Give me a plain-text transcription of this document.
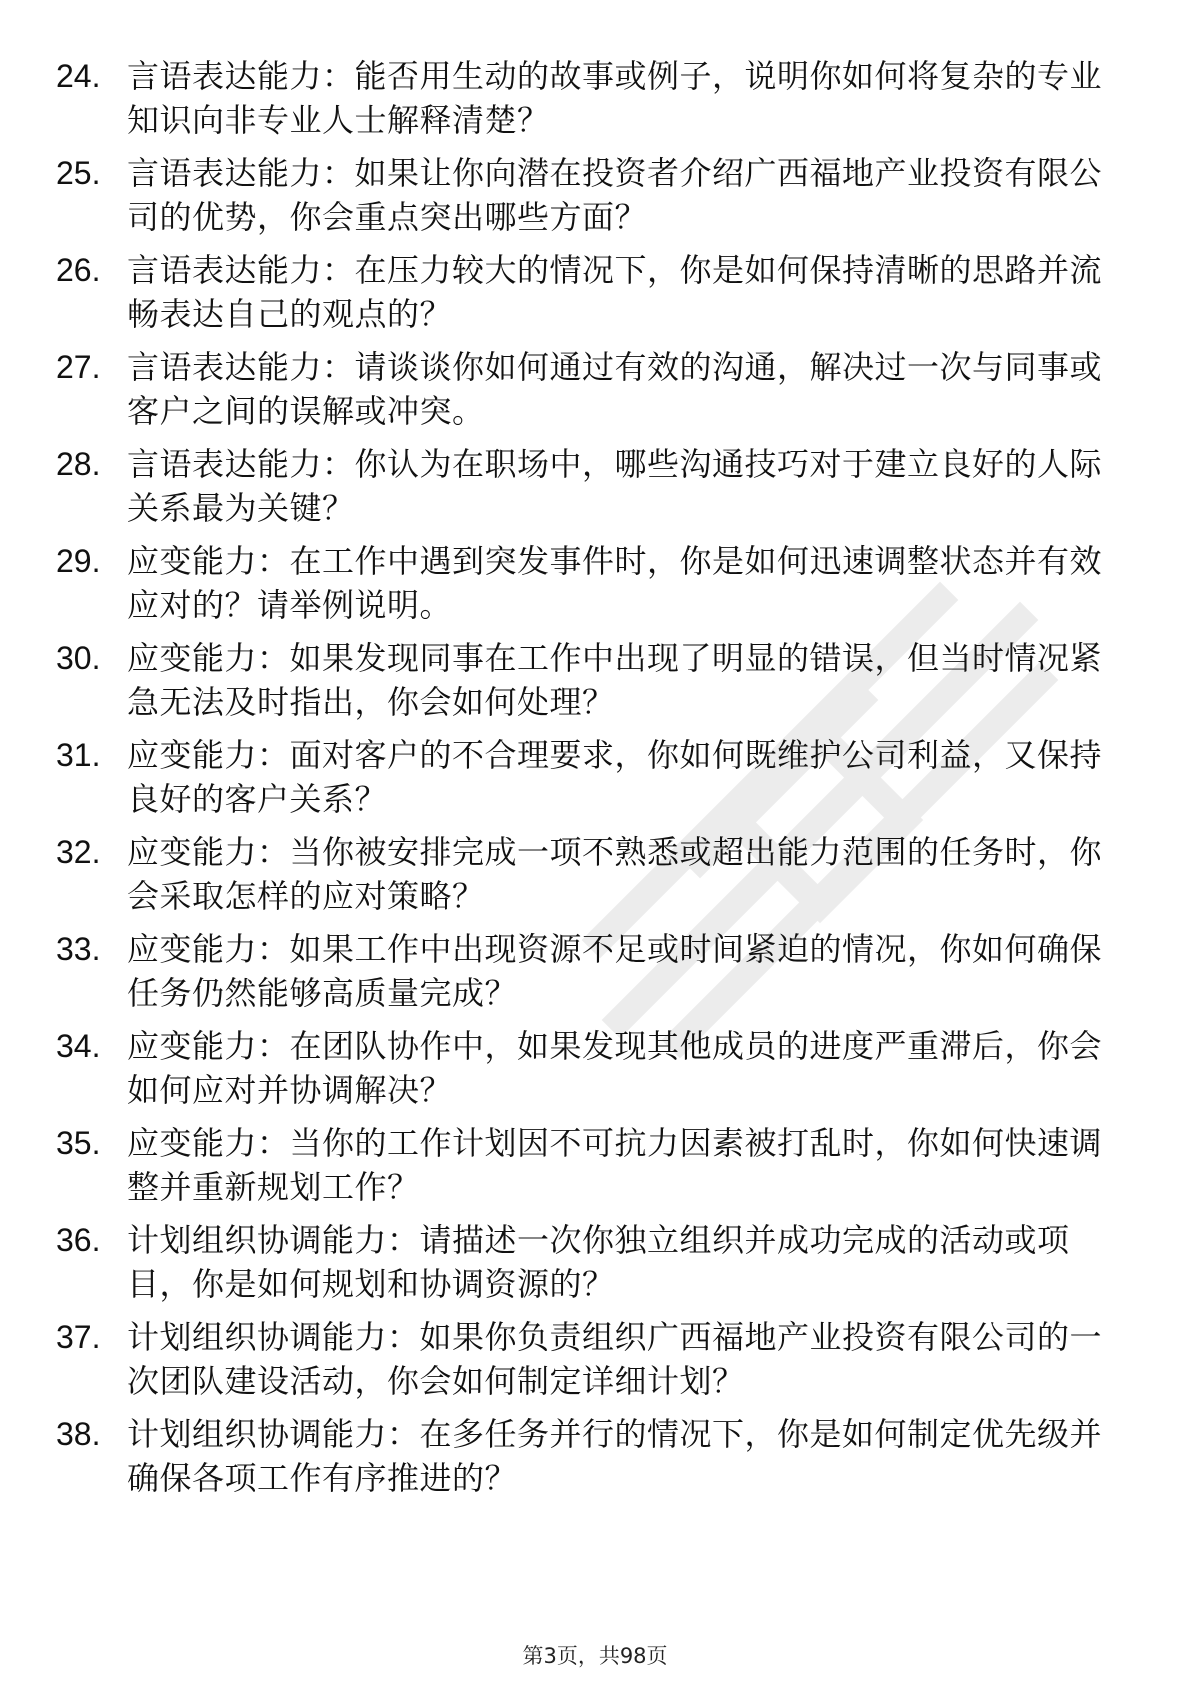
24. 言语表达能力：能否用生动的故事或例子，说明你如何将复杂的专业知识向非专业人士解释清楚？
25. 言语表达能力：如果让你向潜在投资者介绍广西福地产业投资有限公司的优势，你会重点突出哪些方面？
26. 言语表达能力：在压力较大的情况下，你是如何保持清晰的思路并流畅表达自己的观点的？
27. 言语表达能力：请谈谈你如何通过有效的沟通，解决过一次与同事或客户之间的误解或冲突。
28. 言语表达能力：你认为在职场中，哪些沟通技巧对于建立良好的人际关系最为关键？
29. 应变能力：在工作中遇到突发事件时，你是如何迅速调整状态并有效应对的？请举例说明。
30. 应变能力：如果发现同事在工作中出现了明显的错误，但当时情况紧急无法及时指出，你会如何处理？
31. 应变能力：面对客户的不合理要求，你如何既维护公司利益，又保持良好的客户关系？
32. 应变能力：当你被安排完成一项不熟悉或超出能力范围的任务时，你会采取怎样的应对策略？
33. 应变能力：如果工作中出现资源不足或时间紧迫的情况，你如何确保任务仍然能够高质量完成？
34. 应变能力：在团队协作中，如果发现其他成员的进度严重滞后，你会如何应对并协调解决？
35. 应变能力：当你的工作计划因不可抗力因素被打乱时，你如何快速调整并重新规划工作？
36. 计划组织协调能力：请描述一次你独立组织并成功完成的活动或项目，你是如何规划和协调资源的？
37. 计划组织协调能力：如果你负责组织广西福地产业投资有限公司的一次团队建设活动，你会如何制定详细计划？
38. 计划组织协调能力：在多任务并行的情况下，你是如何制定优先级并确保各项工作有序推进的？
第3页，共98页
